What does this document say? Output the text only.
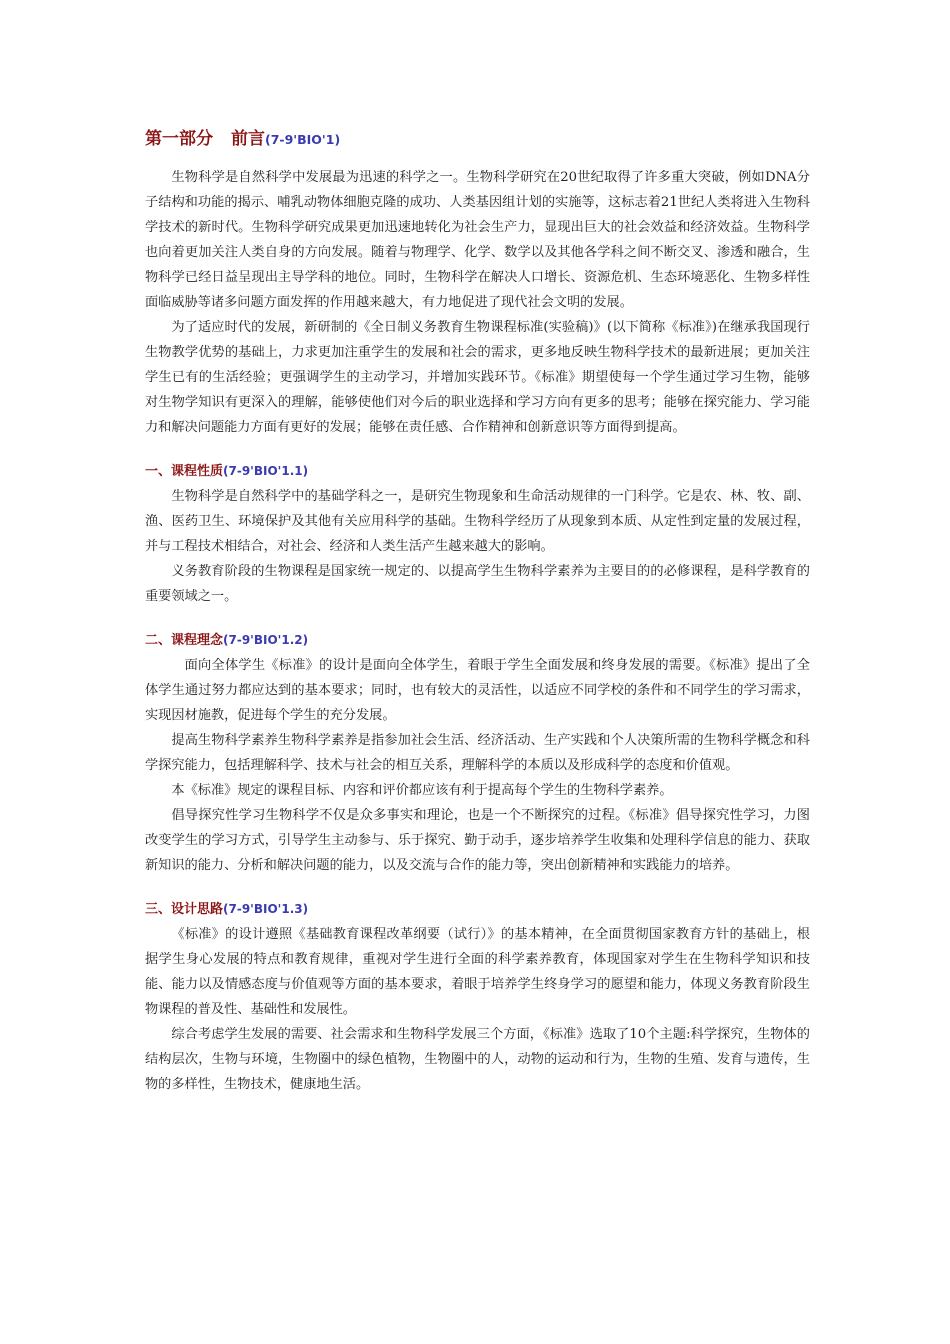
第一部分 前言(7-9'BIO'1)

生物科学是自然科学中发展最为迅速的科学之一。生物科学研究在20世纪取得了许多重大突破，例如DNA分子结构和功能的揭示、哺乳动物体细胞克隆的成功、人类基因组计划的实施等，这标志着21世纪人类将进入生物科学技术的新时代。生物科学研究成果更加迅速地转化为社会生产力，显现出巨大的社会效益和经济效益。生物科学也向着更加关注人类自身的方向发展。随着与物理学、化学、数学以及其他各学科之间不断交叉、渗透和融合，生物科学已经日益呈现出主导学科的地位。同时，生物科学在解决人口增长、资源危机、生态环境恶化、生物多样性面临威胁等诸多问题方面发挥的作用越来越大，有力地促进了现代社会文明的发展。

为了适应时代的发展，新研制的《全日制义务教育生物课程标准(实验稿)》(以下简称《标准》)在继承我国现行生物教学优势的基础上，力求更加注重学生的发展和社会的需求，更多地反映生物科学技术的最新进展；更加关注学生已有的生活经验；更强调学生的主动学习，并增加实践环节。《标准》期望使每一个学生通过学习生物，能够对生物学知识有更深入的理解，能够使他们对今后的职业选择和学习方向有更多的思考；能够在探究能力、学习能力和解决问题能力方面有更好的发展；能够在责任感、合作精神和创新意识等方面得到提高。

一、课程性质(7-9'BIO'1.1)

生物科学是自然科学中的基础学科之一，是研究生物现象和生命活动规律的一门科学。它是农、林、牧、副、渔、医药卫生、环境保护及其他有关应用科学的基础。生物科学经历了从现象到本质、从定性到定量的发展过程，并与工程技术相结合，对社会、经济和人类生活产生越来越大的影响。

义务教育阶段的生物课程是国家统一规定的、以提高学生生物科学素养为主要目的的必修课程，是科学教育的重要领域之一。

二、课程理念(7-9'BIO'1.2)

面向全体学生《标准》的设计是面向全体学生，着眼于学生全面发展和终身发展的需要。《标准》提出了全体学生通过努力都应达到的基本要求；同时，也有较大的灵活性，以适应不同学校的条件和不同学生的学习需求，实现因材施教，促进每个学生的充分发展。

提高生物科学素养生物科学素养是指参加社会生活、经济活动、生产实践和个人决策所需的生物科学概念和科学探究能力，包括理解科学、技术与社会的相互关系，理解科学的本质以及形成科学的态度和价值观。

本《标准》规定的课程目标、内容和评价都应该有利于提高每个学生的生物科学素养。

倡导探究性学习生物科学不仅是众多事实和理论，也是一个不断探究的过程。《标准》倡导探究性学习，力图改变学生的学习方式，引导学生主动参与、乐于探究、勤于动手，逐步培养学生收集和处理科学信息的能力、获取新知识的能力、分析和解决问题的能力，以及交流与合作的能力等，突出创新精神和实践能力的培养。

三、设计思路(7-9'BIO'1.3)

《标准》的设计遵照《基础教育课程改革纲要（试行）》的基本精神，在全面贯彻国家教育方针的基础上，根据学生身心发展的特点和教育规律，重视对学生进行全面的科学素养教育，体现国家对学生在生物科学知识和技能、能力以及情感态度与价值观等方面的基本要求，着眼于培养学生终身学习的愿望和能力，体现义务教育阶段生物课程的普及性、基础性和发展性。

综合考虑学生发展的需要、社会需求和生物科学发展三个方面，《标准》选取了10个主题:科学探究，生物体的结构层次，生物与环境，生物圈中的绿色植物，生物圈中的人，动物的运动和行为，生物的生殖、发育与遗传，生物的多样性，生物技术，健康地生活。
